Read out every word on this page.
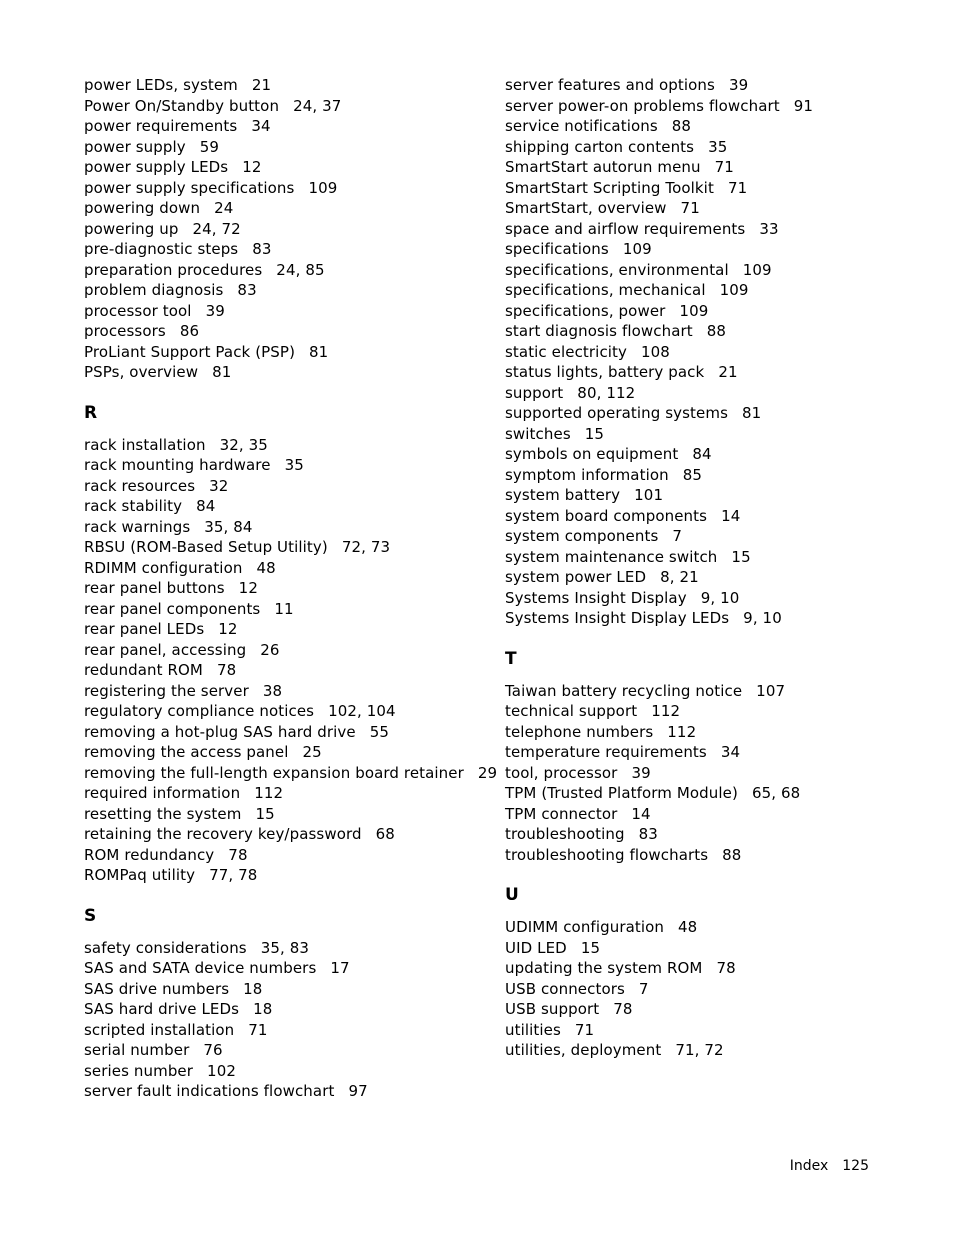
power LEDs, system 21
Power On/Standby button 24, 37
power requirements 34
power supply 59
power supply LEDs 12
power supply specifications 109
powering down 24
powering up 24, 72
pre-diagnostic steps 83
preparation procedures 24, 85
problem diagnosis 83
processor tool 39
processors 86
ProLiant Support Pack (PSP) 81
PSPs, overview 81
R
rack installation 32, 35
rack mounting hardware 35
rack resources 32
rack stability 84
rack warnings 35, 84
RBSU (ROM-Based Setup Utility) 72, 73
RDIMM configuration 48
rear panel buttons 12
rear panel components 11
rear panel LEDs 12
rear panel, accessing 26
redundant ROM 78
registering the server 38
regulatory compliance notices 102, 104
removing a hot-plug SAS hard drive 55
removing the access panel 25
removing the full-length expansion board retainer 29
required information 112
resetting the system 15
retaining the recovery key/password 68
ROM redundancy 78
ROMPaq utility 77, 78
S
safety considerations 35, 83
SAS and SATA device numbers 17
SAS drive numbers 18
SAS hard drive LEDs 18
scripted installation 71
serial number 76
series number 102
server fault indications flowchart 97
server features and options 39
server power-on problems flowchart 91
service notifications 88
shipping carton contents 35
SmartStart autorun menu 71
SmartStart Scripting Toolkit 71
SmartStart, overview 71
space and airflow requirements 33
specifications 109
specifications, environmental 109
specifications, mechanical 109
specifications, power 109
start diagnosis flowchart 88
static electricity 108
status lights, battery pack 21
support 80, 112
supported operating systems 81
switches 15
symbols on equipment 84
symptom information 85
system battery 101
system board components 14
system components 7
system maintenance switch 15
system power LED 8, 21
Systems Insight Display 9, 10
Systems Insight Display LEDs 9, 10
T
Taiwan battery recycling notice 107
technical support 112
telephone numbers 112
temperature requirements 34
tool, processor 39
TPM (Trusted Platform Module) 65, 68
TPM connector 14
troubleshooting 83
troubleshooting flowcharts 88
U
UDIMM configuration 48
UID LED 15
updating the system ROM 78
USB connectors 7
USB support 78
utilities 71
utilities, deployment 71, 72
Index 125
